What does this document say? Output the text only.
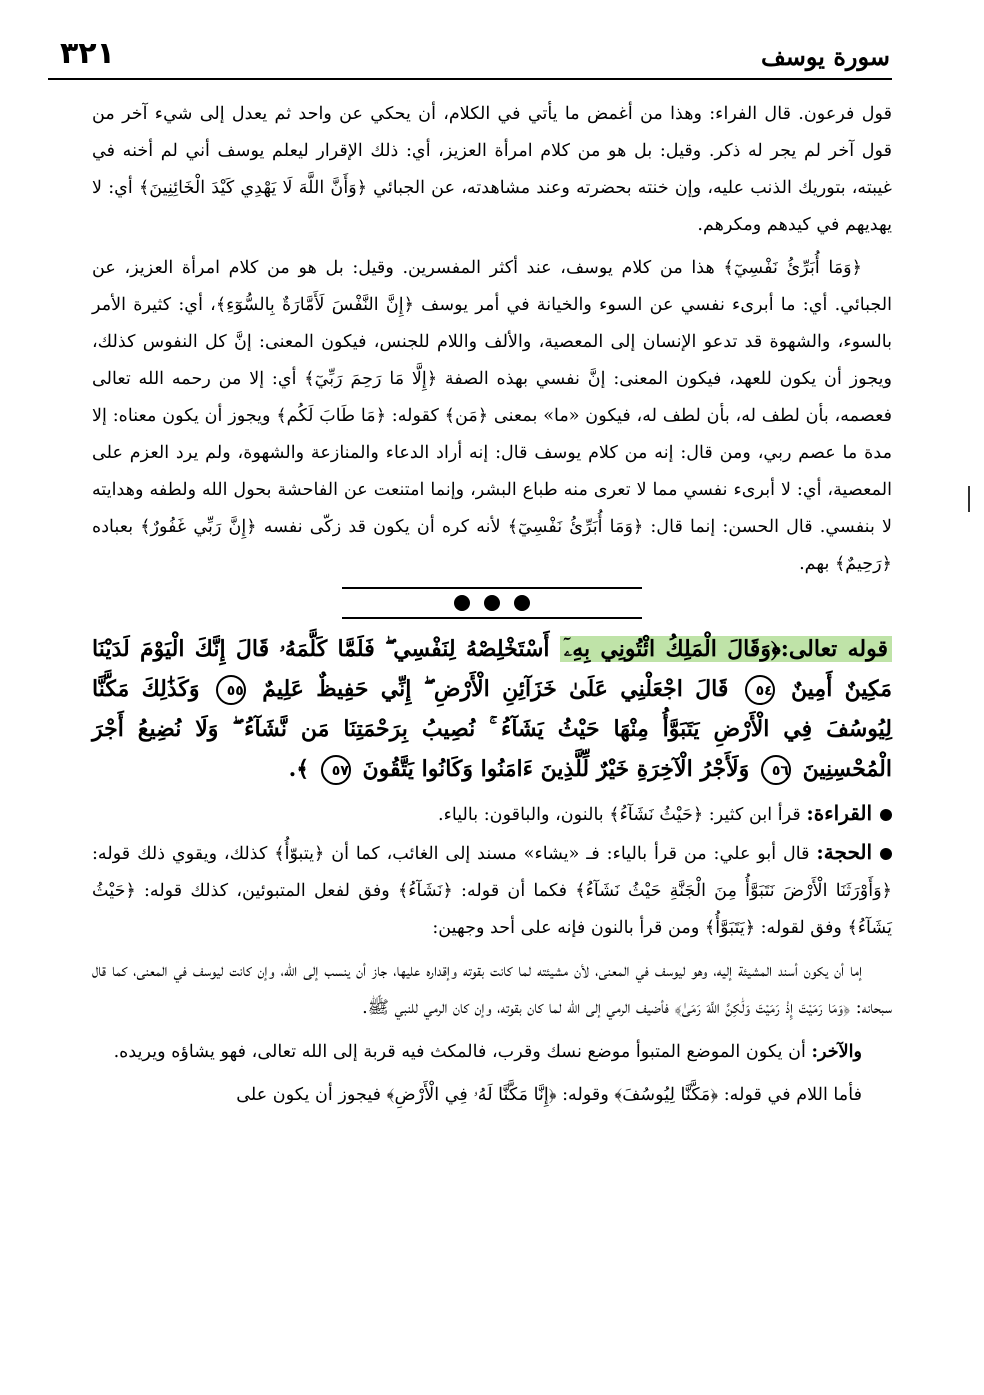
٣٢١	سورة يوسف

قول فرعون. قال الفراء: وهذا من أغمض ما يأتي في الكلام، أن يحكي عن واحد ثم يعدل إلى شيء آخر من قول آخر لم يجر له ذكر. وقيل: بل هو من كلام امرأة العزيز، أي: ذلك الإقرار ليعلم يوسف أني لم أخنه في غيبته، بتوريك الذنب عليه، وإن خنته بحضرته وعند مشاهدته، عن الجبائي ﴿وَأَنَّ اللَّهَ لَا يَهْدِي كَيْدَ الْخَائِنِينَ﴾ أي: لا يهديهم في كيدهم ومكرهم.

﴿وَمَا أُبَرِّئُ نَفْسِيٓ﴾ هذا من كلام يوسف، عند أكثر المفسرين. وقيل: بل هو من كلام امرأة العزيز، عن الجبائي. أي: ما أبرىء نفسي عن السوء والخيانة في أمر يوسف ﴿إِنَّ النَّفْسَ لَأَمَّارَةٌ بِالسُّوٓءِ﴾، أي: كثيرة الأمر بالسوء، والشهوة قد تدعو الإنسان إلى المعصية، والألف واللام للجنس، فيكون المعنى: إنَّ كل النفوس كذلك، ويجوز أن يكون للعهد، فيكون المعنى: إنَّ نفسي بهذه الصفة ﴿إِلَّا مَا رَحِمَ رَبِّيٓ﴾ أي: إلا من رحمه الله تعالى فعصمه، بأن لطف له، بأن لطف له، فيكون «ما» بمعنى ﴿مَن﴾ كقوله: ﴿مَا طَابَ لَكُم﴾ ويجوز أن يكون معناه: إلا مدة ما عصم ربي، ومن قال: إنه من كلام يوسف قال: إنه أراد الدعاء والمنازعة والشهوة، ولم يرد العزم على المعصية، أي: لا أبرىء نفسي مما لا تعرى منه طباع البشر، وإنما امتنعت عن الفاحشة بحول الله ولطفه وهدايته لا بنفسي. قال الحسن: إنما قال: ﴿وَمَا أُبَرِّئُ نَفْسِيٓ﴾ لأنه كره أن يكون قد زكّى نفسه ﴿إِنَّ رَبِّي غَفُورٌ﴾ بعباده ﴿رَحِيمٌ﴾ بهم.

قوله تعالى:﴿وَقَالَ الْمَلِكُ ائْتُونِي بِهِۦٓ أَسْتَخْلِصْهُ لِنَفْسِي ۖ فَلَمَّا كَلَّمَهُۥ قَالَ إِنَّكَ الْيَوْمَ لَدَيْنَا مَكِينٌ أَمِينٌ ٥٤ قَالَ اجْعَلْنِي عَلَىٰ خَزَآئِنِ الْأَرْضِ ۖ إِنِّي حَفِيظٌ عَلِيمٌ ٥٥ وَكَذَٰلِكَ مَكَّنَّا لِيُوسُفَ فِي الْأَرْضِ يَتَبَوَّأُ مِنْهَا حَيْثُ يَشَآءُ ۚ نُصِيبُ بِرَحْمَتِنَا مَن نَّشَآءُ ۖ وَلَا نُضِيعُ أَجْرَ الْمُحْسِنِينَ ٥٦ وَلَأَجْرُ الْآخِرَةِ خَيْرٌ لِّلَّذِينَ ءَامَنُوا وَكَانُوا يَتَّقُونَ ٥٧ ﴾.

القراءة: قرأ ابن كثير: ﴿حَيْثُ نَشَآءُ﴾ بالنون، والباقون: بالياء.

الحجة: قال أبو علي: من قرأ بالياء: فـ «يشاء» مسند إلى الغائب، كما أن ﴿يتبوّأُ﴾ كذلك، ويقوي ذلك قوله: ﴿وَأَوْرَثَنَا الْأَرْضَ نَتَبَوَّأُ مِنَ الْجَنَّةِ حَيْثُ نَشَآءُ﴾ فكما أن قوله: ﴿نَشَآءُ﴾ وفق لفعل المتبوئين، كذلك قوله: ﴿حَيْثُ يَشَآءُ﴾ وفق لقوله: ﴿يَتَبَوَّأُ﴾ ومن قرأ بالنون فإنه على أحد وجهين:

إما أن يكون أسند المشيئة إليه، وهو ليوسف في المعنى، لأن مشيئته لما كانت بقوته وإقداره عليها، جاز أن ينسب إلى الله، وإن كانت ليوسف في المعنى، كما قال سبحانه: ﴿وَمَا رَمَيْتَ إِذْ رَمَيْتَ وَلَٰكِنَّ اللَّهَ رَمَىٰ﴾ فأضيف الرمي إلى الله لما كان بقوته، وإن كان الرمي للنبي ﷺ.

والآخر: أن يكون الموضع المتبوأ موضع نسك وقرب، فالمكث فيه قربة إلى الله تعالى، فهو يشاؤه ويريده.

فأما اللام في قوله: ﴿مَكَّنَّا لِيُوسُفَ﴾ وقوله: ﴿إِنَّا مَكَّنَّا لَهُۥ فِي الْأَرْضِ﴾ فيجوز أن يكون على
